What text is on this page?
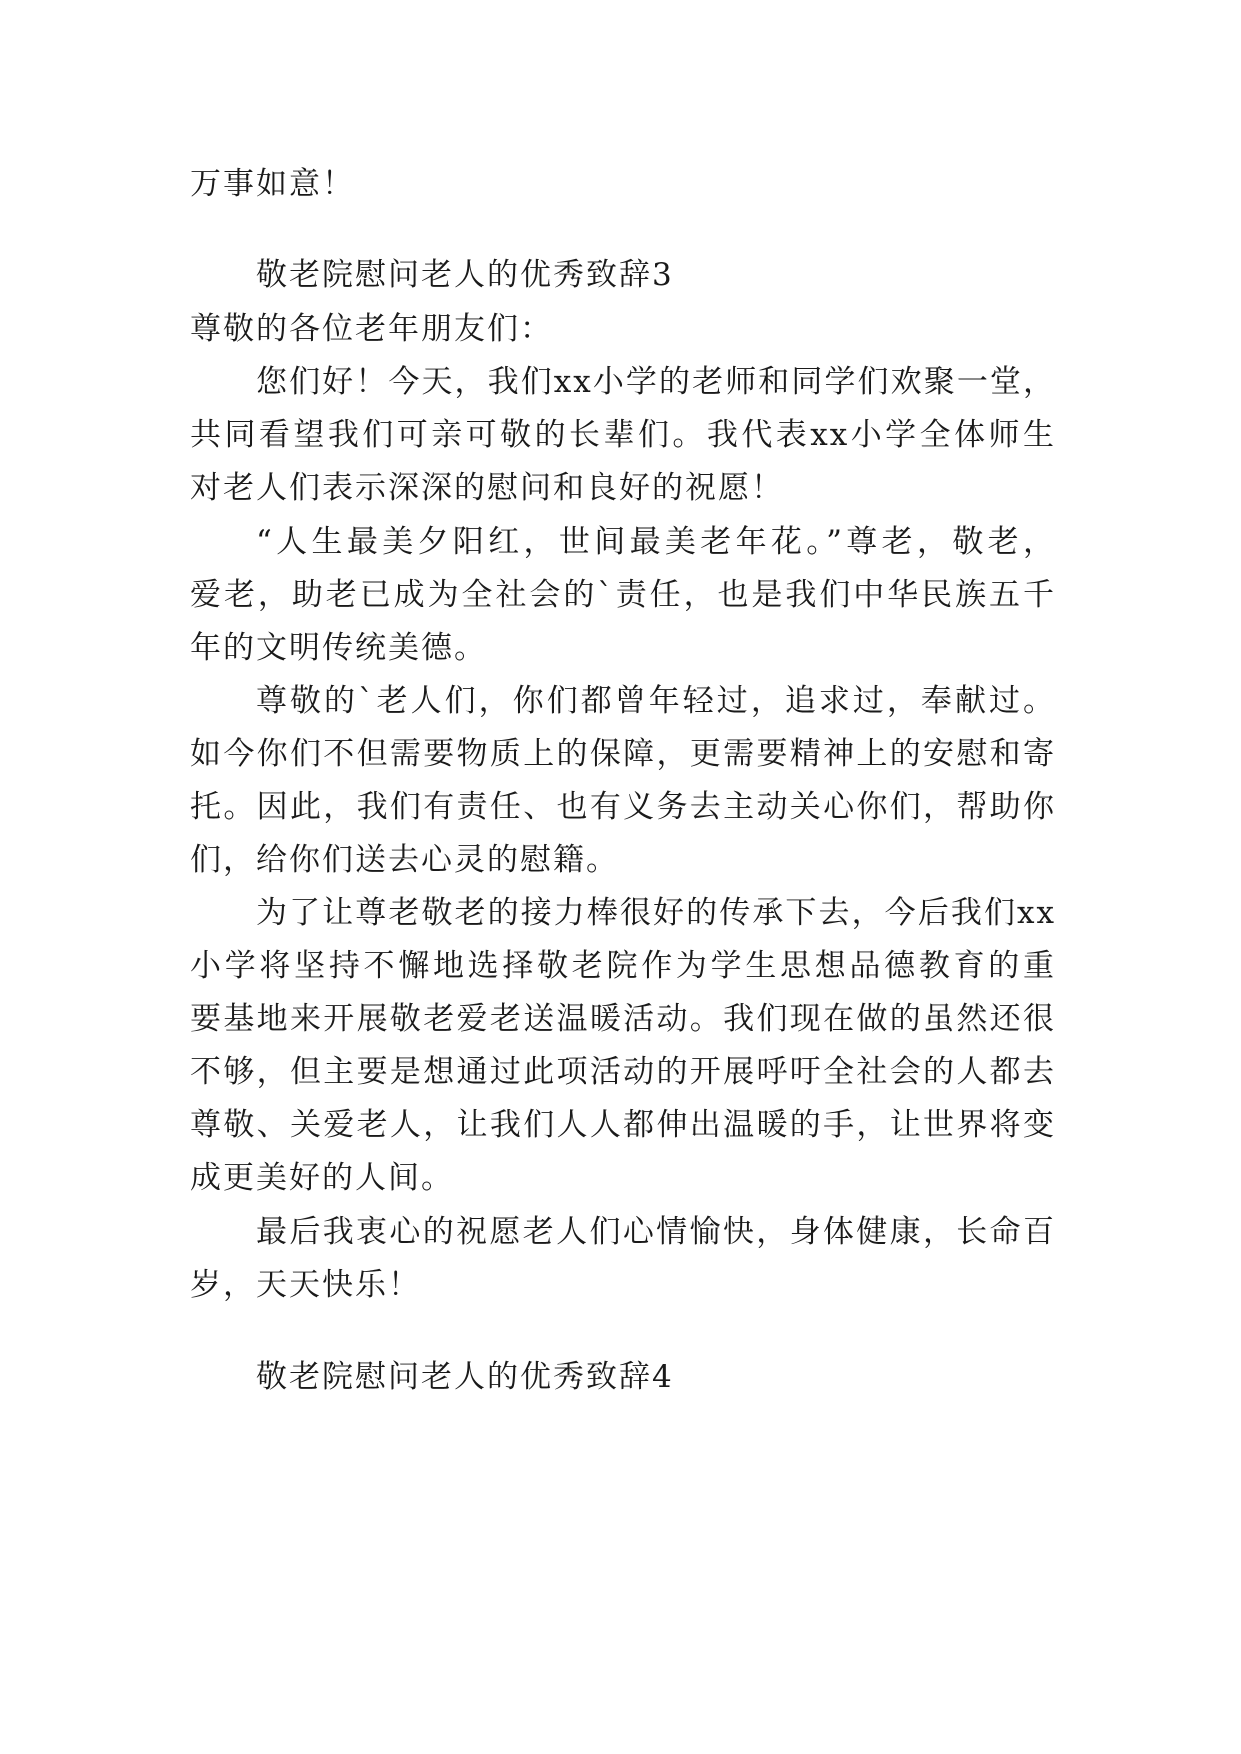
万事如意！
敬老院慰问老人的优秀致辞3
尊敬的各位老年朋友们：
您们好！今天，我们xx小学的老师和同学们欢聚一堂，
共同看望我们可亲可敬的长辈们。我代表xx小学全体师生
对老人们表示深深的慰问和良好的祝愿！
“人生最美夕阳红，世间最美老年花。”尊老，敬老，
爱老，助老已成为全社会的`责任，也是我们中华民族五千
年的文明传统美德。
尊敬的`老人们，你们都曾年轻过，追求过，奉献过。
如今你们不但需要物质上的保障，更需要精神上的安慰和寄
托。因此，我们有责任、也有义务去主动关心你们，帮助你
们，给你们送去心灵的慰籍。
为了让尊老敬老的接力棒很好的传承下去，今后我们xx
小学将坚持不懈地选择敬老院作为学生思想品德教育的重
要基地来开展敬老爱老送温暖活动。我们现在做的虽然还很
不够，但主要是想通过此项活动的开展呼吁全社会的人都去
尊敬、关爱老人，让我们人人都伸出温暖的手，让世界将变
成更美好的人间。
最后我衷心的祝愿老人们心情愉快，身体健康，长命百
岁，天天快乐！
敬老院慰问老人的优秀致辞4
